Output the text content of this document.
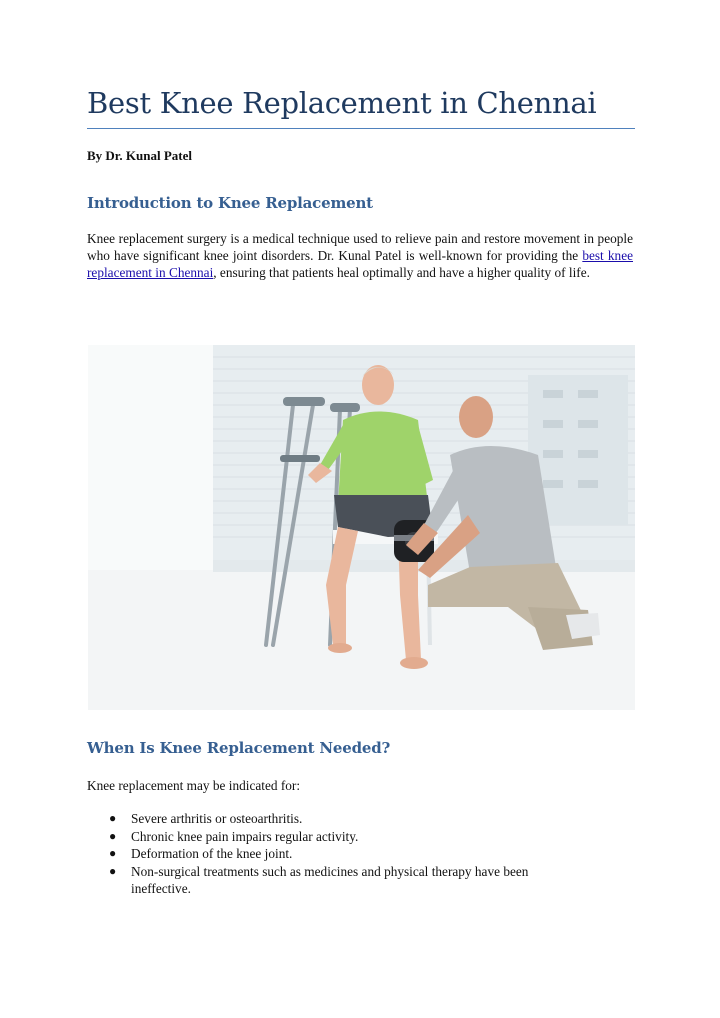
Best Knee Replacement in Chennai

By Dr. Kunal Patel

Introduction to Knee Replacement

Knee replacement surgery is a medical technique used to relieve pain and restore movement in people who have significant knee joint disorders. Dr. Kunal Patel is well-known for providing the best knee replacement in Chennai, ensuring that patients heal optimally and have a higher quality of life.

When Is Knee Replacement Needed?

Knee replacement may be indicated for:

● Severe arthritis or osteoarthritis.
● Chronic knee pain impairs regular activity.
● Deformation of the knee joint.
● Non-surgical treatments such as medicines and physical therapy have been ineffective.
